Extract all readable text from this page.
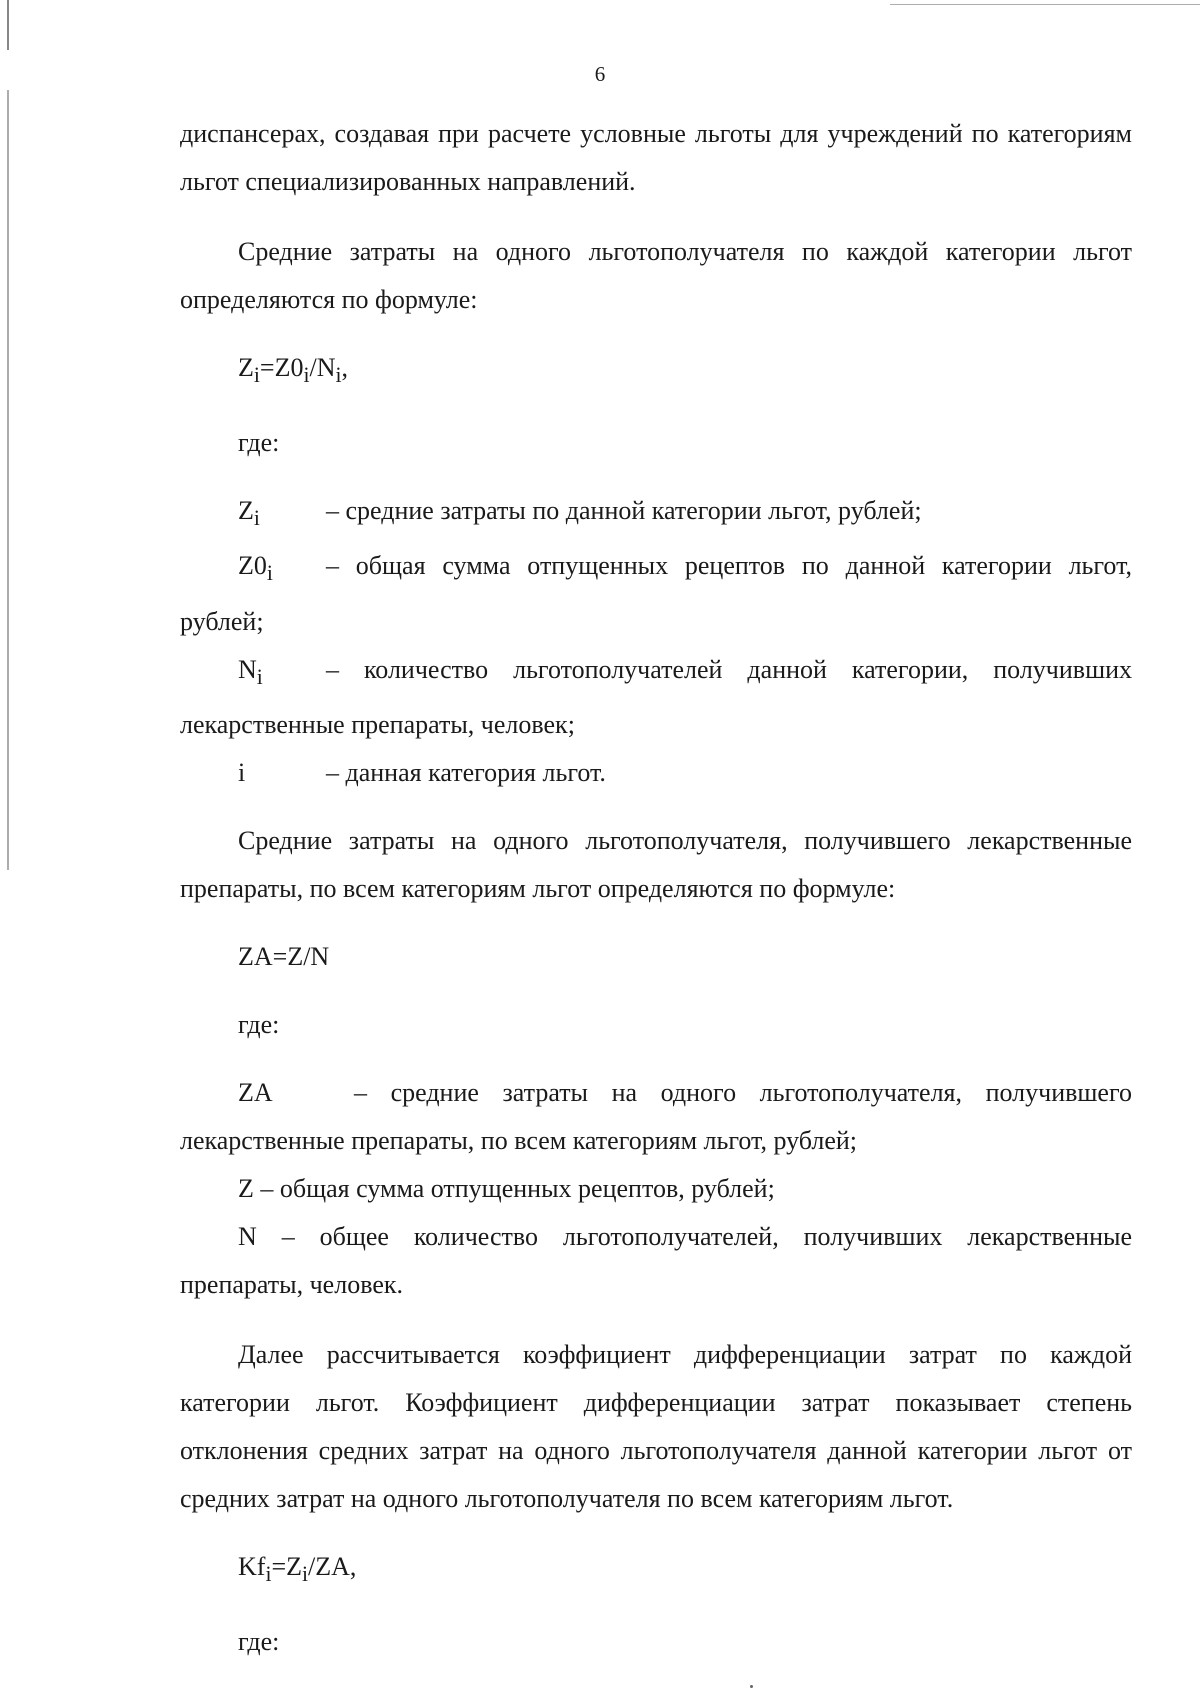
6

диспансерах, создавая при расчете условные льготы для учреждений по категориям льгот специализированных направлений.

Средние затраты на одного льготополучателя по каждой категории льгот определяются по формуле:

$Z_i=Z0_i/N_i$,

где:

$Z_i$	– средние затраты по данной категории льгот, рублей;

$Z0_i$ – общая сумма отпущенных рецептов по данной категории льгот, рублей;

$N_i$ – количество льготополучателей данной категории, получивших лекарственные препараты, человек;

i	– данная категория льгот.

Средние затраты на одного льготополучателя, получившего лекарственные препараты, по всем категориям льгот определяются по формуле:

ZA=Z/N

где:

ZA	– средние затраты на одного льготополучателя, получившего лекарственные препараты, по всем категориям льгот, рублей;

Z – общая сумма отпущенных рецептов, рублей;

N – общее количество льготополучателей, получивших лекарственные препараты, человек.

Далее рассчитывается коэффициент дифференциации затрат по каждой категории льгот. Коэффициент дифференциации затрат показывает степень отклонения средних затрат на одного льготополучателя данной категории льгот от средних затрат на одного льготополучателя по всем категориям льгот.

$Kf_i=Z_i/ZA$,

где:
